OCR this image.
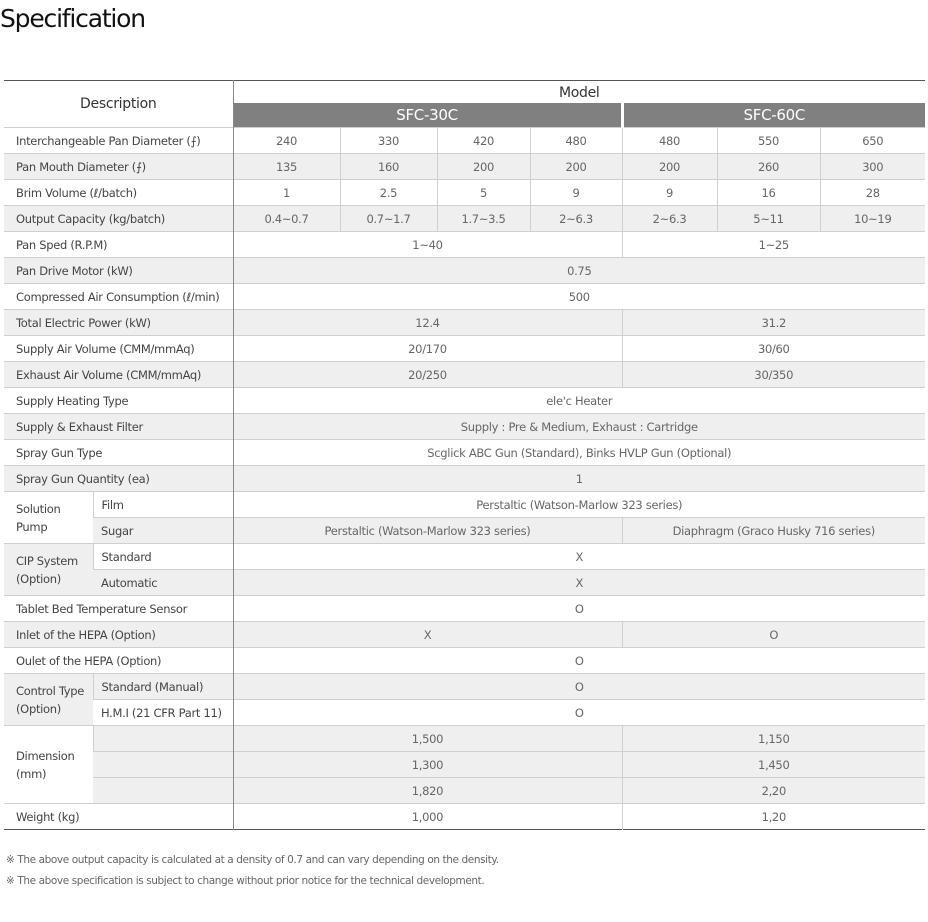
Specification
Description		Model						
		SFC-30C				SFC-60C		
Interchangeable Pan Diameter (⨍)		240	330	420	480	480	550	650
Pan Mouth Diameter (⨍)		135	160	200	200	200	260	300
Brim Volume (ℓ/batch)		1	2.5	5	9	9	16	28
Output Capacity (kg/batch)		0.4~0.7	0.7~1.7	1.7~3.5	2~6.3	2~6.3	5~11	10~19
Pan Sped (R.P.M)		1~40				1~25		
Pan Drive Motor (kW)		0.75						
Compressed Air Consumption (ℓ/min)		500						
Total Electric Power (kW)		12.4				31.2		
Supply Air Volume (CMM/mmAq)		20/170				30/60		
Exhaust Air Volume (CMM/mmAq)		20/250				30/350		
Supply Heating Type		ele'c Heater						
Supply & Exhaust Filter		Supply : Pre & Medium, Exhaust : Cartridge						
Spray Gun Type		Scglick ABC Gun (Standard), Binks HVLP Gun (Optional)						
Spray Gun Quantity (ea)		1						
Solution Pump	Film	Perstaltic (Watson-Marlow 323 series)						
	Sugar	Perstaltic (Watson-Marlow 323 series)				Diaphragm (Graco Husky 716 series)		
CIP System (Option)	Standard	X						
	Automatic	X						
Tablet Bed Temperature Sensor		O						
Inlet of the HEPA (Option)		X				O		
Oulet of the HEPA (Option)		O						
Control Type (Option)	Standard (Manual)	O						
	H.M.I (21 CFR Part 11)	O						
Dimension (mm)		1,500				1,150		
		1,300				1,450		
		1,820				2,20		
Weight (kg)		1,000				1,20		
※ The above output capacity is calculated at a density of 0.7 and can vary depending on the density.
※ The above specification is subject to change without prior notice for the technical development.
